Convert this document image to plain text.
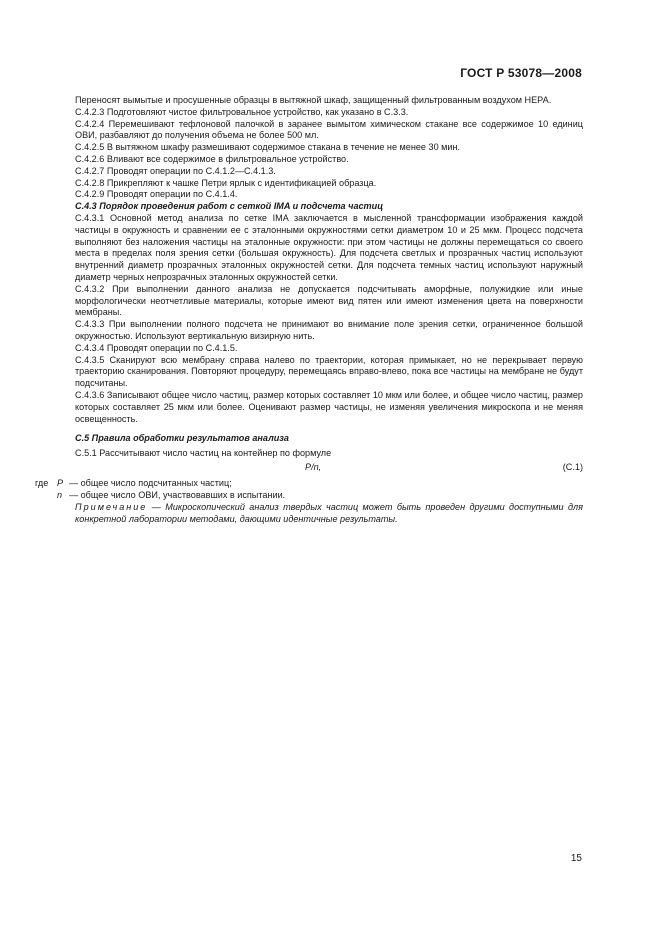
ГОСТ Р 53078—2008

Переносят вымытые и просушенные образцы в вытяжной шкаф, защищенный фильтрованным воздухом НЕРА.

С.4.2.3 Подготовляют чистое фильтровальное устройство, как указано в С.3.3.

С.4.2.4 Перемешивают тефлоновой палочкой в заранее вымытом химическом стакане все содержимое 10 единиц ОВИ, разбавляют до получения объема не более 500 мл.

С.4.2.5 В вытяжном шкафу размешивают содержимое стакана в течение не менее 30 мин.

С.4.2.6 Вливают все содержимое в фильтровальное устройство.

С.4.2.7 Проводят операции по С.4.1.2—С.4.1.3.

С.4.2.8 Прикрепляют к чашке Петри ярлык с идентификацией образца.

С.4.2.9 Проводят операции по С.4.1.4.

С.4.3 Порядок проведения работ с сеткой IMA и подсчета частиц

С.4.3.1 Основной метод анализа по сетке IMA заключается в мысленной трансформации изображения каждой частицы в окружность и сравнении ее с эталонными окружностями сетки диаметром 10 и 25 мкм. Процесс подсчета выполняют без наложения частицы на эталонные окружности: при этом частицы не должны перемещаться со своего места в пределах поля зрения сетки (большая окружность). Для подсчета светлых и прозрачных частиц используют внутренний диаметр прозрачных эталонных окружностей сетки. Для подсчета темных частиц используют наружный диаметр черных непрозрачных эталонных окружностей сетки.

С.4.3.2 При выполнении данного анализа не допускается подсчитывать аморфные, полужидкие или иные морфологически неотчетливые материалы, которые имеют вид пятен или имеют изменения цвета на поверхности мембраны.

С.4.3.3 При выполнении полного подсчета не принимают во внимание поле зрения сетки, ограниченное большой окружностью. Используют вертикальную визирную нить.

С.4.3.4 Проводят операции по С.4.1.5.

С.4.3.5 Сканируют всю мембрану справа налево по траектории, которая примыкает, но не перекрывает первую траекторию сканирования. Повторяют процедуру, перемещаясь вправо-влево, пока все частицы на мембране не будут подсчитаны.

С.4.3.6 Записывают общее число частиц, размер которых составляет 10 мкм или более, и общее число частиц, размер которых составляет 25 мкм или более. Оценивают размер частицы, не изменяя увеличения микроскопа и не меняя освещенность.

С.5 Правила обработки результатов анализа

С.5.1 Рассчитывают число частиц на контейнер по формуле

P/n,	(С.1)
где P — общее число подсчитанных частиц;
n — общее число ОВИ, участвовавших в испытании.

Примечание — Микроскопический анализ твердых частиц может быть проведен другими доступными для конкретной лаборатории методами, дающими идентичные результаты.

15
